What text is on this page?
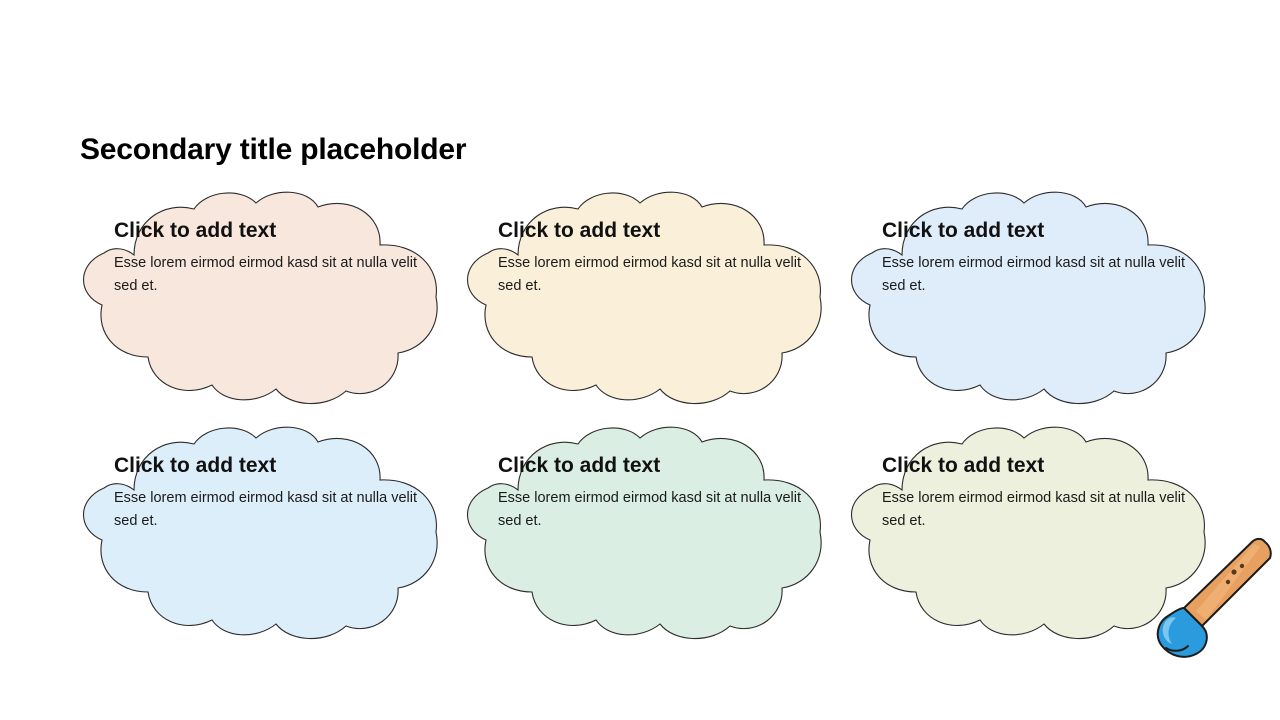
Secondary title placeholder

Click to add text

Esse lorem eirmod eirmod kasd sit at nulla velit sed et.

Click to add text

Esse lorem eirmod eirmod kasd sit at nulla velit sed et.

Click to add text

Esse lorem eirmod eirmod kasd sit at nulla velit sed et.

Click to add text

Esse lorem eirmod eirmod kasd sit at nulla velit sed et.

Click to add text

Esse lorem eirmod eirmod kasd sit at nulla velit sed et.

Click to add text

Esse lorem eirmod eirmod kasd sit at nulla velit sed et.
